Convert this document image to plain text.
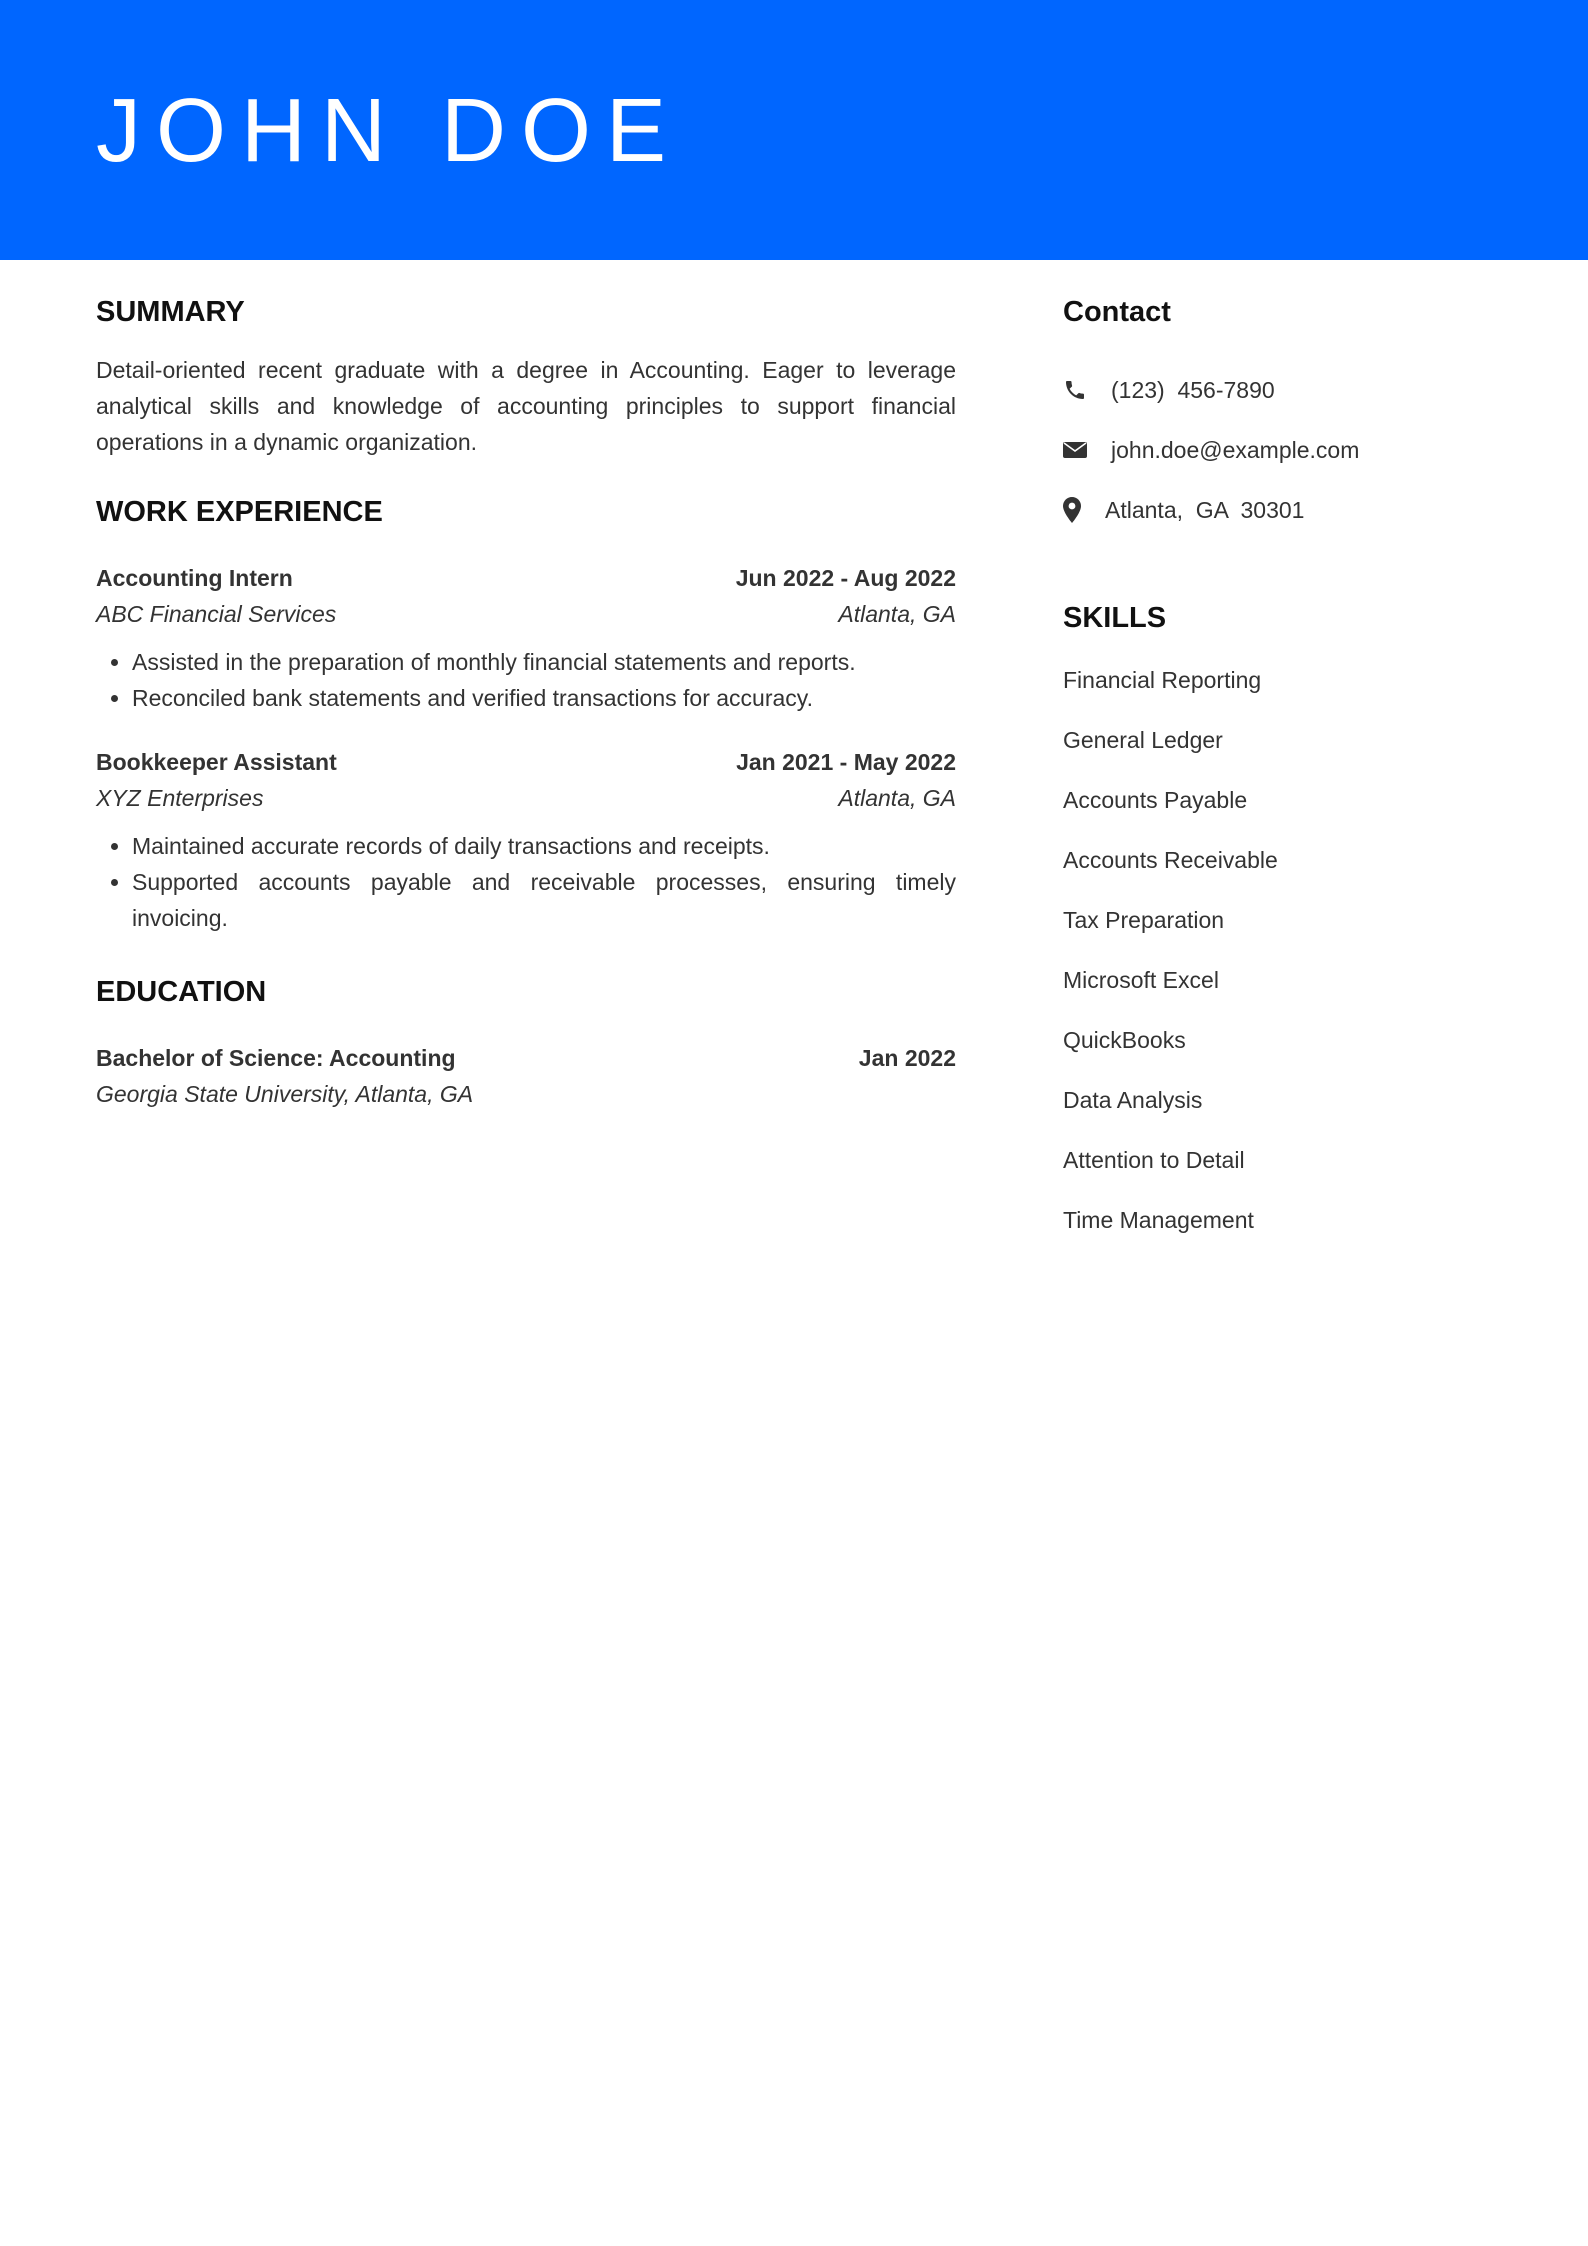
JOHN DOE
SUMMARY
Detail-oriented recent graduate with a degree in Accounting. Eager to leverage analytical skills and knowledge of accounting principles to support financial operations in a dynamic organization.
WORK EXPERIENCE
Accounting Intern	Jun 2022 - Aug 2022
ABC Financial Services	Atlanta, GA
• Assisted in the preparation of monthly financial statements and reports.
• Reconciled bank statements and verified transactions for accuracy.
Bookkeeper Assistant	Jan 2021 - May 2022
XYZ Enterprises	Atlanta, GA
• Maintained accurate records of daily transactions and receipts.
• Supported accounts payable and receivable processes, ensuring timely invoicing.
EDUCATION
Bachelor of Science: Accounting	Jan 2022
Georgia State University, Atlanta, GA
Contact
(123)  456-7890
john.doe@example.com
Atlanta,  GA  30301
SKILLS
Financial Reporting
General Ledger
Accounts Payable
Accounts Receivable
Tax Preparation
Microsoft Excel
QuickBooks
Data Analysis
Attention to Detail
Time Management
